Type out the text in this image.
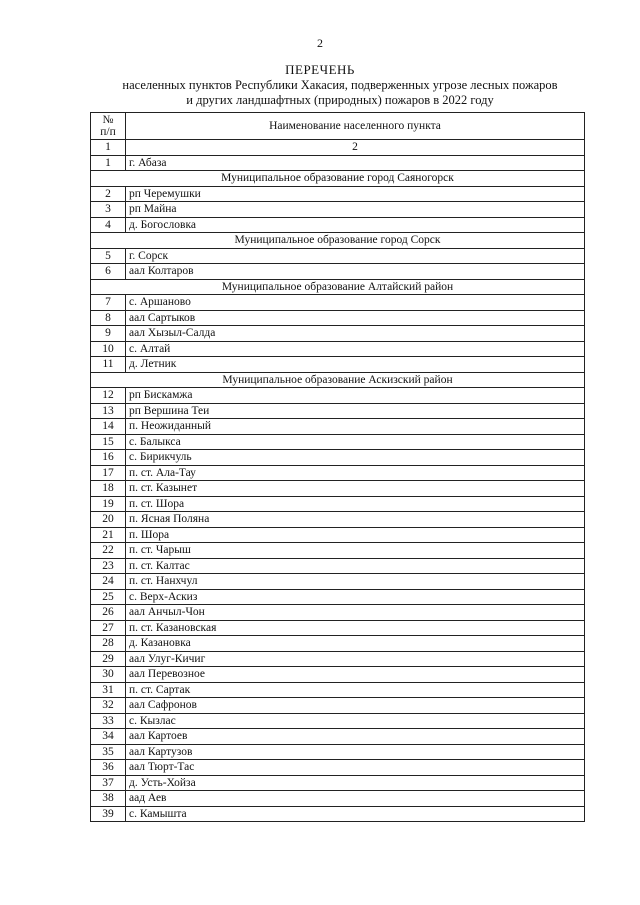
2
ПЕРЕЧЕНЬ
населенных пунктов Республики Хакасия, подверженных угрозе лесных пожаров
и других ландшафтных (природных) пожаров в 2022 году
№
п/п	Наименование населенного пункта
1	2
1	г. Абаза
Муниципальное образование город Саяногорск	
2	рп Черемушки
3	рп Майна
4	д. Богословка
Муниципальное образование город Сорск	
5	г. Сорск
6	аал Колтаров
Муниципальное образование Алтайский район	
7	с. Аршаново
8	аал Сартыков
9	аал Хызыл-Салда
10	с. Алтай
11	д. Летник
Муниципальное образование Аскизский район	
12	рп Бискамжа
13	рп Вершина Теи
14	п. Неожиданный
15	с. Балыкса
16	с. Бирикчуль
17	п. ст. Ала-Тау
18	п. ст. Казынет
19	п. ст. Шора
20	п. Ясная Поляна
21	п. Шора
22	п. ст. Чарыш
23	п. ст. Калтас
24	п. ст. Нанхчул
25	с. Верх-Аскиз
26	аал Анчыл-Чон
27	п. ст. Казановская
28	д. Казановка
29	аал Улуг-Кичиг
30	аал Перевозное
31	п. ст. Сартак
32	аал Сафронов
33	с. Кызлас
34	аал Картоев
35	аал Картузов
36	аал Тюрт-Тас
37	д. Усть-Хойза
38	аад Аев
39	с. Камышта
